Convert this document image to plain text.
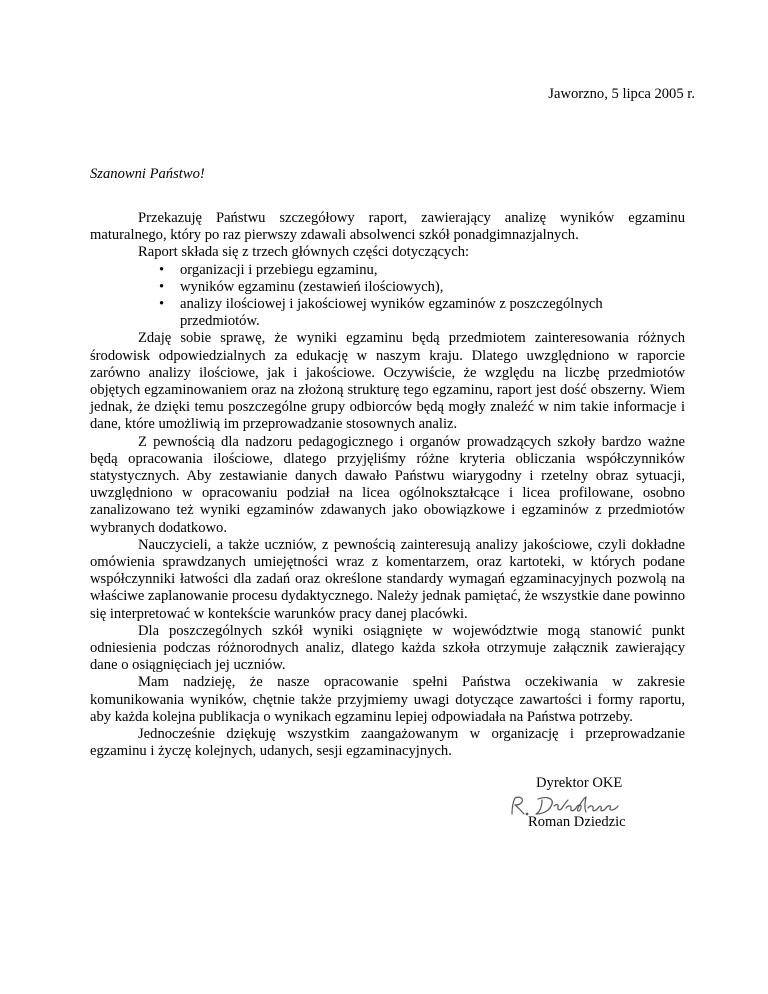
Jaworzno, 5 lipca 2005 r.
Szanowni Państwo!

Przekazuję Państwu szczegółowy raport, zawierający analizę wyników egzaminu maturalnego, który po raz pierwszy zdawali absolwenci szkół ponadgimnazjalnych.

Raport składa się z trzech głównych części dotyczących:

• organizacji i przebiegu egzaminu,
• wyników egzaminu (zestawień ilościowych),
• analizy ilościowej i jakościowej wyników egzaminów z poszczególnych przedmiotów.

Zdaję sobie sprawę, że wyniki egzaminu będą przedmiotem zainteresowania różnych środowisk odpowiedzialnych za edukację w naszym kraju. Dlatego uwzględniono w raporcie zarówno analizy ilościowe, jak i jakościowe. Oczywiście, że względu na liczbę przedmiotów objętych egzaminowaniem oraz na złożoną strukturę tego egzaminu, raport jest dość obszerny. Wiem jednak, że dzięki temu poszczególne grupy odbiorców będą mogły znaleźć w nim takie informacje i dane, które umożliwią im przeprowadzanie stosownych analiz.

Z pewnością dla nadzoru pedagogicznego i organów prowadzących szkoły bardzo ważne będą opracowania ilościowe, dlatego przyjęliśmy różne kryteria obliczania współczynników statystycznych. Aby zestawianie danych dawało Państwu wiarygodny i rzetelny obraz sytuacji, uwzględniono w opracowaniu podział na licea ogólnokształcące i licea profilowane, osobno zanalizowano też wyniki egzaminów zdawanych jako obowiązkowe i egzaminów z przedmiotów wybranych dodatkowo.

Nauczycieli, a także uczniów, z pewnością zainteresują analizy jakościowe, czyli dokładne omówienia sprawdzanych umiejętności wraz z komentarzem, oraz kartoteki, w których podane współczynniki łatwości dla zadań oraz określone standardy wymagań egzaminacyjnych pozwolą na właściwe zaplanowanie procesu dydaktycznego. Należy jednak pamiętać, że wszystkie dane powinno się interpretować w kontekście warunków pracy danej placówki.

Dla poszczególnych szkół wyniki osiągnięte w województwie mogą stanowić punkt odniesienia podczas różnorodnych analiz, dlatego każda szkoła otrzymuje załącznik zawierający dane o osiągnięciach jej uczniów.

Mam nadzieję, że nasze opracowanie spełni Państwa oczekiwania w zakresie komunikowania wyników, chętnie także przyjmiemy uwagi dotyczące zawartości i formy raportu, aby każda kolejna publikacja o wynikach egzaminu lepiej odpowiadała na Państwa potrzeby.

Jednocześnie dziękuję wszystkim zaangażowanym w organizację i przeprowadzanie egzaminu i życzę kolejnych, udanych, sesji egzaminacyjnych.

Dyrektor OKE
Roman Dziedzic
